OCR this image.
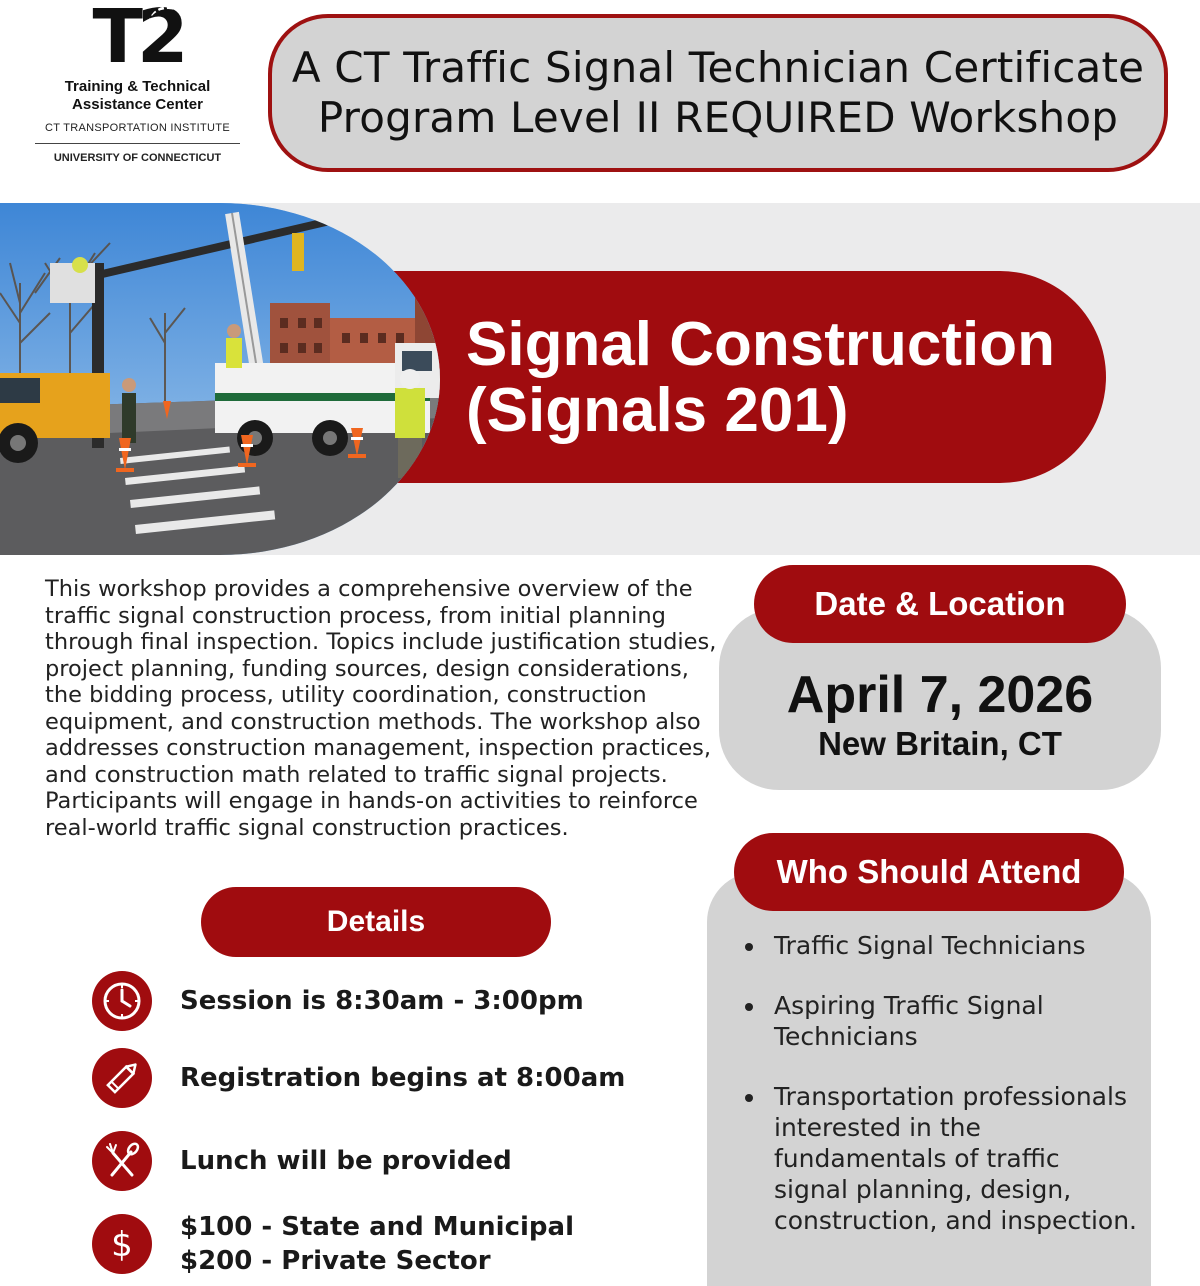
T2
Training & Technical
Assistance Center
CT TRANSPORTATION INSTITUTE
UNIVERSITY OF CONNECTICUT
A CT Traffic Signal Technician Certificate
Program Level II REQUIRED Workshop
Signal Construction
(Signals 201)

This workshop provides a comprehensive overview of the traffic signal construction process, from initial planning through final inspection. Topics include justification studies, project planning, funding sources, design considerations, the bidding process, utility coordination, construction equipment, and construction methods. The workshop also addresses construction management, inspection practices, and construction math related to traffic signal projects. Participants will engage in hands-on activities to reinforce real-world traffic signal construction practices.

Details
Session is 8:30am - 3:00pm
Registration begins at 8:00am
Lunch will be provided
$ $100 - State and Municipal
$200 - Private Sector
Date & Location
April 7, 2026
New Britain, CT
Who Should Attend
Traffic Signal Technicians
Aspiring Traffic Signal Technicians
Transportation professionals interested in the fundamentals of traffic signal planning, design, construction, and inspection.
